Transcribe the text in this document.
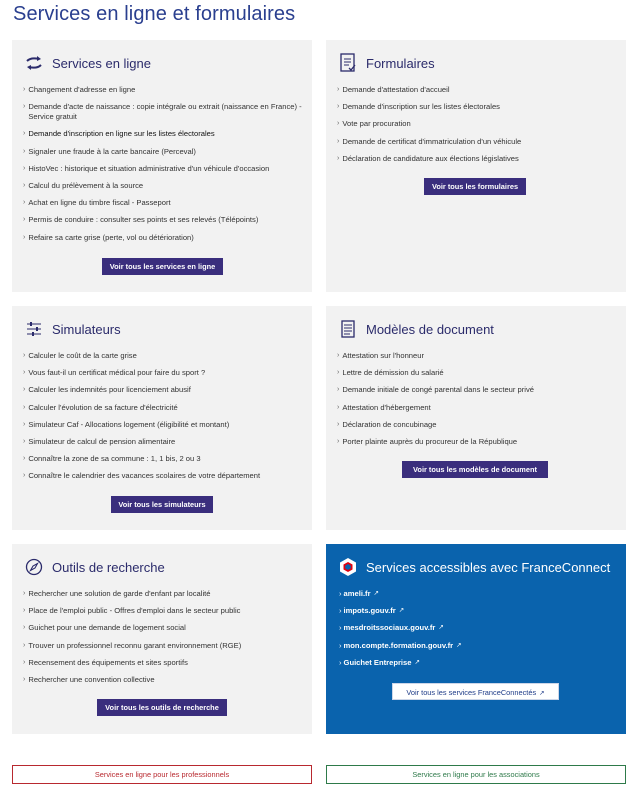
Services en ligne et formulaires
Services en ligne
› Changement d'adresse en ligne
› Demande d'acte de naissance : copie intégrale ou extrait (naissance en France) - Service gratuit
› Demande d'inscription en ligne sur les listes électorales
› Signaler une fraude à la carte bancaire (Perceval)
› HistoVec : historique et situation administrative d'un véhicule d'occasion
› Calcul du prélèvement à la source
› Achat en ligne du timbre fiscal - Passeport
› Permis de conduire : consulter ses points et ses relevés (Télépoints)
› Refaire sa carte grise (perte, vol ou détérioration)
Voir tous les services en ligne
Formulaires
› Demande d'attestation d'accueil
› Demande d'inscription sur les listes électorales
› Vote par procuration
› Demande de certificat d'immatriculation d'un véhicule
› Déclaration de candidature aux élections législatives
Voir tous les formulaires
Simulateurs
› Calculer le coût de la carte grise
› Vous faut-il un certificat médical pour faire du sport ?
› Calculer les indemnités pour licenciement abusif
› Calculer l'évolution de sa facture d'électricité
› Simulateur Caf - Allocations logement (éligibilité et montant)
› Simulateur de calcul de pension alimentaire
› Connaître la zone de sa commune : 1, 1 bis, 2 ou 3
› Connaître le calendrier des vacances scolaires de votre département
Voir tous les simulateurs
Modèles de document
› Attestation sur l'honneur
› Lettre de démission du salarié
› Demande initiale de congé parental dans le secteur privé
› Attestation d'hébergement
› Déclaration de concubinage
› Porter plainte auprès du procureur de la République
Voir tous les modèles de document
Outils de recherche
› Rechercher une solution de garde d'enfant par localité
› Place de l'emploi public - Offres d'emploi dans le secteur public
› Guichet pour une demande de logement social
› Trouver un professionnel reconnu garant environnement (RGE)
› Recensement des équipements et sites sportifs
› Rechercher une convention collective
Voir tous les outils de recherche
Services accessibles avec FranceConnect
› ameli.fr ↗
› impots.gouv.fr ↗
› mesdroitssociaux.gouv.fr ↗
› mon.compte.formation.gouv.fr ↗
› Guichet Entreprise ↗
Voir tous les services FranceConnectés ↗
Services en ligne pour les professionnels	Services en ligne pour les associations
